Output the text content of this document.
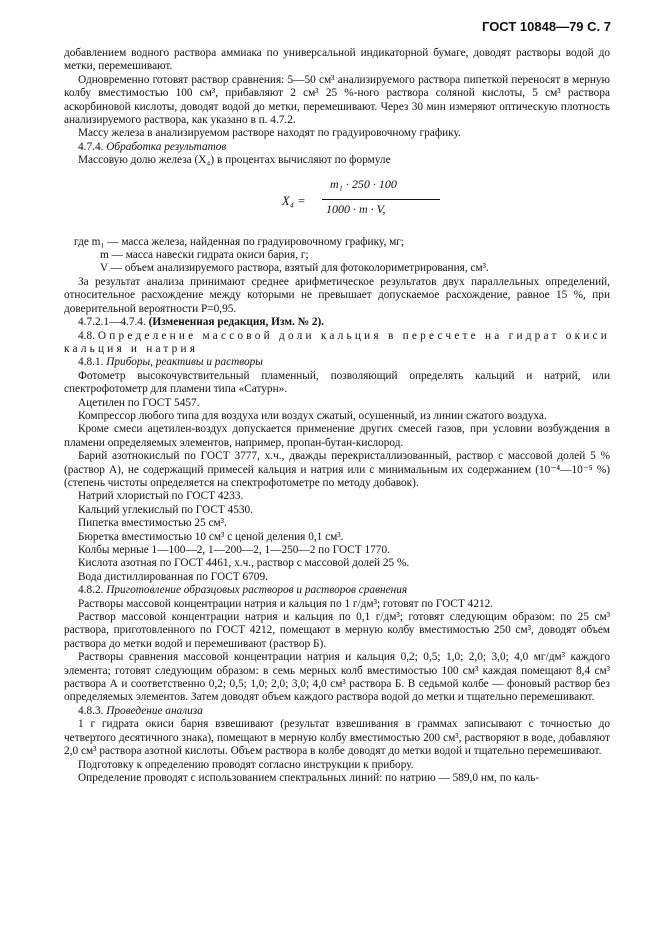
ГОСТ 10848—79 С. 7

добавлением водного раствора аммиака по универсальной индикаторной бумаге, доводят растворы водой до метки, перемешивают.

Одновременно готовят раствор сравнения: 5—50 см³ анализируемого раствора пипеткой переносят в мерную колбу вместимостью 100 см³, прибавляют 2 см³ 25 %-ного раствора соляной кислоты, 5 см³ раствора аскорбиновой кислоты, доводят водой до метки, перемешивают. Через 30 мин измеряют оптическую плотность анализируемого раствора, как указано в п. 4.7.2.

Массу железа в анализируемом растворе находят по градуировочному графику.

4.7.4. Обработка результатов

Массовую долю железа (X₄) в процентах вычисляют по формуле

X₄ =
m₁ · 250 · 100
1000 · m · V,

где m₁ — масса железа, найденная по градуировочному графику, мг;

m — масса навески гидрата окиси бария, г;

V — объем анализируемого раствора, взятый для фотоколориметрирования, см³.

За результат анализа принимают среднее арифметическое результатов двух параллельных определений, относительное расхождение между которыми не превышает допускаемое расхождение, равное 15 %, при доверительной вероятности P=0,95.

4.7.2.1—4.7.4. (Измененная редакция, Изм. № 2).

4.8. Определение массовой доли кальция в пересчете на гидрат окиси кальция и натрия

4.8.1. Приборы, реактивы и растворы

Фотометр высокочувствительный пламенный, позволяющий определять кальций и натрий, или спектрофотометр для пламени типа «Сатурн».

Ацетилен по ГОСТ 5457.

Компрессор любого типа для воздуха или воздух сжатый, осушенный, из линии сжатого воздуха.

Кроме смеси ацетилен-воздух допускается применение других смесей газов, при условии возбуждения в пламени определяемых элементов, например, пропан-бутан-кислород.

Барий азотнокислый по ГОСТ 3777, х.ч., дважды перекристаллизованный, раствор с массовой долей 5 % (раствор А), не содержащий примесей кальция и натрия или с минимальным их содержанием (10⁻⁴—10⁻⁵ %) (степень чистоты определяется на спектрофотометре по методу добавок).

Натрий хлористый по ГОСТ 4233.

Кальций углекислый по ГОСТ 4530.

Пипетка вместимостью 25 см³.

Бюретка вместимостью 10 см³ с ценой деления 0,1 см³.

Колбы мерные 1—100—2, 1—200—2, 1—250—2 по ГОСТ 1770.

Кислота азотная по ГОСТ 4461, х.ч., раствор с массовой долей 25 %.

Вода дистиллированная по ГОСТ 6709.

4.8.2. Приготовление образцовых растворов и растворов сравнения

Растворы массовой концентрации натрия и кальция по 1 г/дм³; готовят по ГОСТ 4212.

Раствор массовой концентрации натрия и кальция по 0,1 г/дм³; готовят следующим образом: по 25 см³ раствора, приготовленного по ГОСТ 4212, помещают в мерную колбу вместимостью 250 см³, доводят объем раствора до метки водой и перемешивают (раствор Б).

Растворы сравнения массовой концентрации натрия и кальция 0,2; 0,5; 1,0; 2,0; 3,0; 4,0 мг/дм³ каждого элемента; готовят следующим образом: в семь мерных колб вместимостью 100 см³ каждая помещают 8,4 см³ раствора А и соответственно 0,2; 0,5; 1,0; 2,0; 3,0; 4,0 см³ раствора Б. В седьмой колбе — фоновый раствор без определяемых элементов. Затем доводят объем каждого раствора водой до метки и тщательно перемешивают.

4.8.3. Проведение анализа

1 г гидрата окиси бария взвешивают (результат взвешивания в граммах записывают с точностью до четвертого десятичного знака), помещают в мерную колбу вместимостью 200 см³, растворяют в воде, добавляют 2,0 см³ раствора азотной кислоты. Объем раствора в колбе доводят до метки водой и тщательно перемешивают.

Подготовку к определению проводят согласно инструкции к прибору.

Определение проводят с использованием спектральных линий: по натрию — 589,0 нм, по каль-
